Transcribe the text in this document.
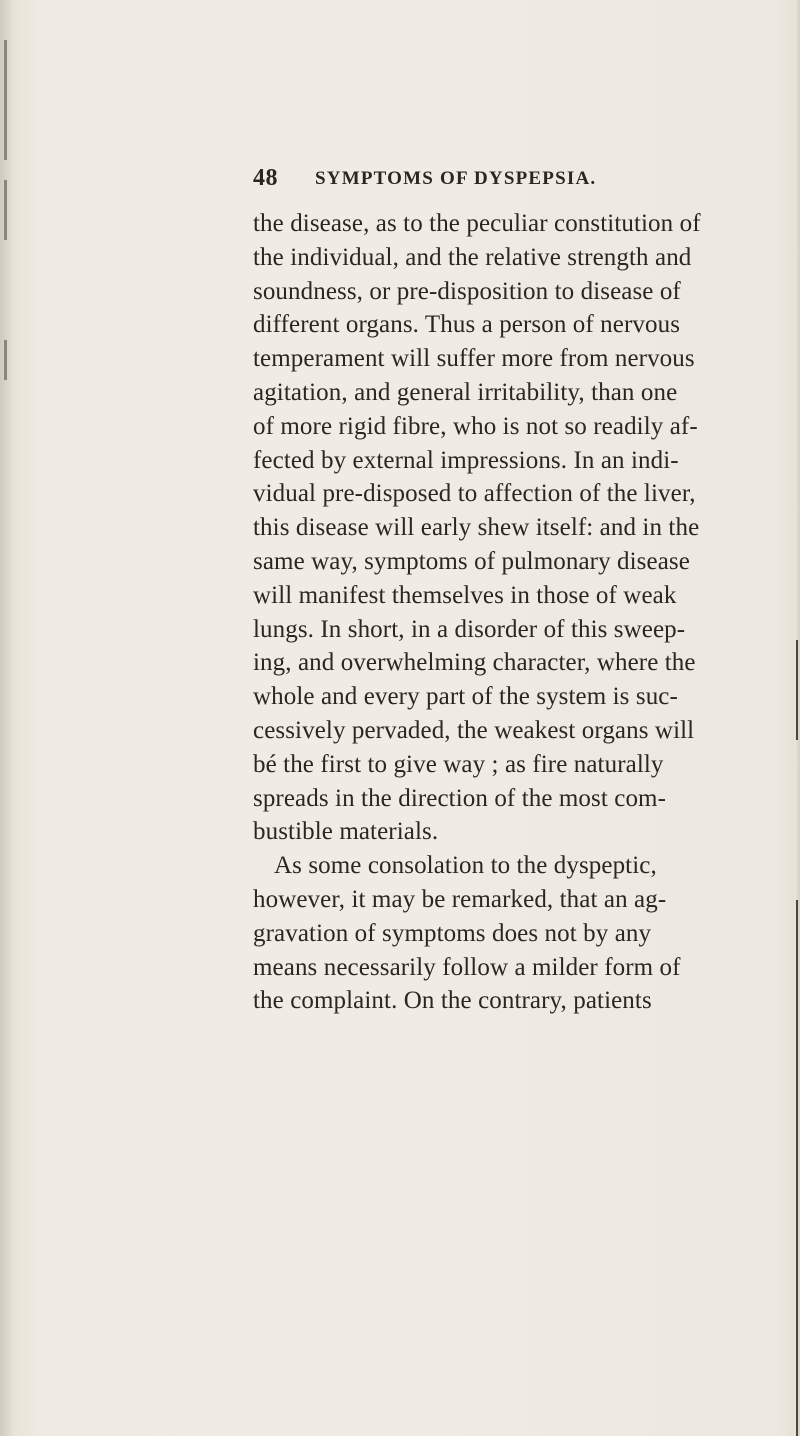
48 SYMPTOMS OF DYSPEPSIA.
the disease, as to the peculiar constitution of
the individual, and the relative strength and
soundness, or pre-disposition to disease of
different organs. Thus a person of nervous
temperament will suffer more from nervous
agitation, and general irritability, than one
of more rigid fibre, who is not so readily af-
fected by external impressions. In an indi-
vidual pre-disposed to affection of the liver,
this disease will early shew itself: and in the
same way, symptoms of pulmonary disease
will manifest themselves in those of weak
lungs. In short, in a disorder of this sweep-
ing, and overwhelming character, where the
whole and every part of the system is suc-
cessively pervaded, the weakest organs will
bé the first to give way ; as fire naturally
spreads in the direction of the most com-
bustible materials.
As some consolation to the dyspeptic,
however, it may be remarked, that an ag-
gravation of symptoms does not by any
means necessarily follow a milder form of
the complaint. On the contrary, patients
